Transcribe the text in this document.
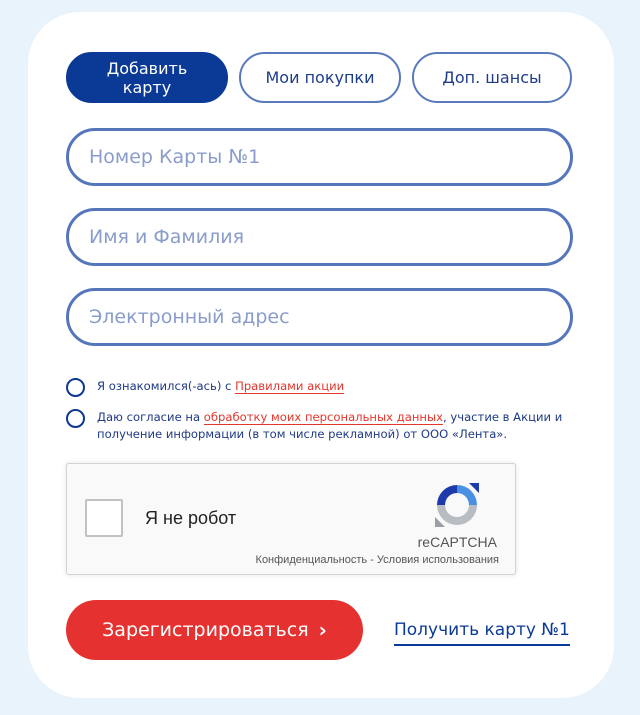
Добавить
карту	Мои покупки	Доп. шансы
Номер Карты №1
Имя и Фамилия
Электронный адрес
Я ознакомился(-ась) с Правилами акции
Даю согласие на обработку моих персональных данных, участие в Акции и получение информации (в том числе рекламной) от ООО «Лента».
Я не робот
reCAPTCHA
Конфиденциальность - Условия использования
Зарегистрироваться ›	Получить карту №1
